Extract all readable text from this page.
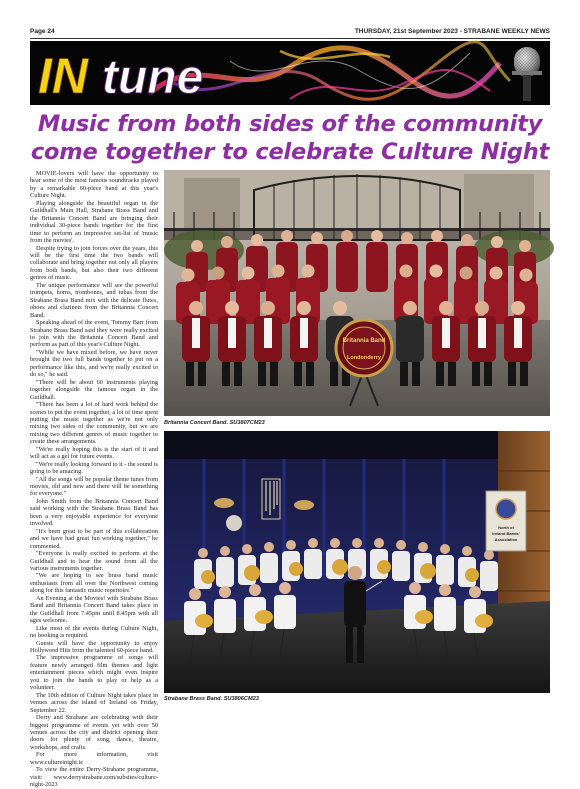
Page 24	THURSDAY, 21st September 2023 - STRABANE WEEKLY NEWS
IN tune
Music from both sides of the community
come together to celebrate Culture Night

MOVIE-lovers will have the opportunity to hear some of the most famous soundtracks played by a remarkable 60-piece band at this year's Culture Night.

Playing alongside the beautiful organ in the Guildhall's Main Hall, Strabane Brass Band and the Britannia Concert Band are bringing their individual 30-piece bands together for the first time to perform an impressive set-list of 'music from the movies'.

Despite trying to join forces over the years, this will be the first time the two bands will collaborate and bring together not only all players from both bands, but also their two different genres of music.

The unique performance will see the powerful trumpets, horns, trombones, and tubas from the Strabane Brass Band mix with the delicate flutes, oboes and clarinets from the Britannia Concert Band.

Speaking ahead of the event, Tommy Barr from Strabane Brass Band said they were really excited to join with the Britannia Concert Band and perform as part of this year's Culture Night.

"While we have mixed before, we have never brought the two full bands together to put on a performance like this, and we're really excited to do so," he said.

"There will be about 60 instruments playing together alongside the famous organ in the Guildhall.

"There has been a lot of hard work behind the scenes to put the event together, a lot of time spent putting the music together as we're not only mixing two sides of the community, but we are mixing two different genres of music together to create these arrangements.

"We're really hoping this is the start of it and will act as a gel for future events.

"We're really looking forward to it - the sound is going to be amazing.

"All the songs will be popular theme tunes from movies, old and new and there will be something for everyone."

John Smith from the Britannia Concert Band said working with the Strabane Brass Band has been a very enjoyable experience for everyone involved.

"It's been great to be part of this collaboration and we have had great fun working together," he commented.

"Everyone is really excited to perform at the Guildhall and to hear the sound from all the various instruments together.

"We are hoping to see brass band music enthusiasts from all over the Northwest coming along for this fantastic music repertoire."

An Evening at the Movies! with Strabane Brass Band and Britannia Concert Band takes place in the Guildhall from 7.45pm until 8.45pm with all ages welcome.

Like most of the events during Culture Night, no booking is required.

Guests will have the opportunity to enjoy Hollywood Hits from the talented 60-piece band.

The impressive programme of songs will feature newly arranged film themes and light entertainment pieces which might even inspire you to join the bands to play or help as a volunteer.

The 10th edition of Culture Night takes place in venues across the island of Ireland on Friday, September 22.

Derry and Strabane are celebrating with their biggest programme of events yet with over 50 venues across the city and district opening their doors for plenty of song, dance, theatre, workshops, and crafts.

For more information, visit www.cultureinight.ie

To view the entire Derry-Strabane programme, visit: www.derrystrabane.com/subsites/culture-night-2023

Britannia Band
Londonderry
Britannia Concert Band. SU3807CM23
North of
Ireland Bands'
Association
Strabane Brass Band. SU3806CM23
